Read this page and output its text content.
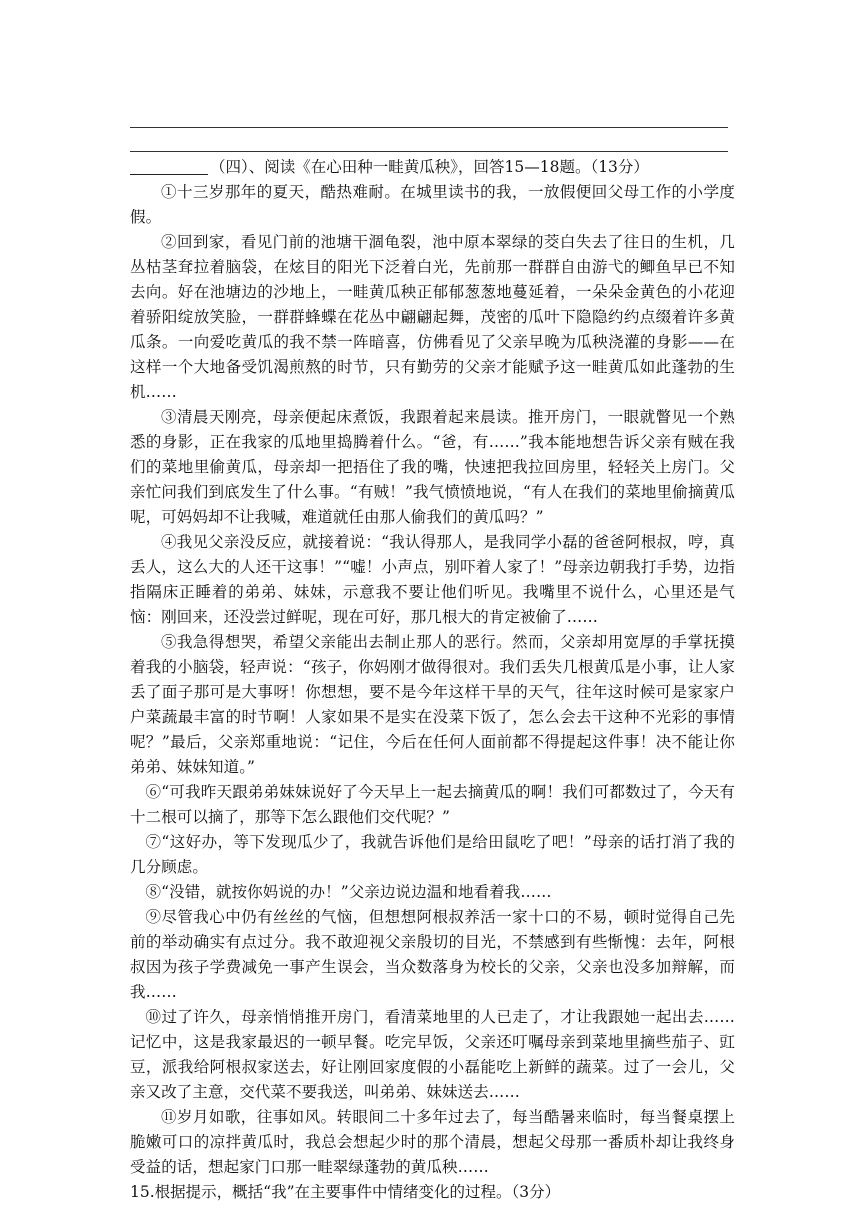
（四）、阅读《在心田种一畦黄瓜秧》，回答15—18题。（13分）

①十三岁那年的夏天，酷热难耐。在城里读书的我，一放假便回父母工作的小学度假。

②回到家，看见门前的池塘干涸龟裂，池中原本翠绿的茭白失去了往日的生机，几丛枯茎耷拉着脑袋，在炫目的阳光下泛着白光，先前那一群群自由游弋的鲫鱼早已不知去向。好在池塘边的沙地上，一畦黄瓜秧正郁郁葱葱地蔓延着，一朵朵金黄色的小花迎着骄阳绽放笑脸，一群群蜂蝶在花丛中翩翩起舞，茂密的瓜叶下隐隐约约点缀着许多黄瓜条。一向爱吃黄瓜的我不禁一阵暗喜，仿佛看见了父亲早晚为瓜秧浇灌的身影——在这样一个大地备受饥渴煎熬的时节，只有勤劳的父亲才能赋予这一畦黄瓜如此蓬勃的生机……

③清晨天刚亮，母亲便起床煮饭，我跟着起来晨读。推开房门，一眼就瞥见一个熟悉的身影，正在我家的瓜地里捣腾着什么。“爸，有……”我本能地想告诉父亲有贼在我们的菜地里偷黄瓜，母亲却一把捂住了我的嘴，快速把我拉回房里，轻轻关上房门。父亲忙问我们到底发生了什么事。“有贼！”我气愤愤地说，“有人在我们的菜地里偷摘黄瓜呢，可妈妈却不让我喊，难道就任由那人偷我们的黄瓜吗？”

④我见父亲没反应，就接着说：“我认得那人，是我同学小磊的爸爸阿根叔，哼，真丢人，这么大的人还干这事！”“嘘！小声点，别吓着人家了！”母亲边朝我打手势，边指指隔床正睡着的弟弟、妹妹，示意我不要让他们听见。我嘴里不说什么，心里还是气恼：刚回来，还没尝过鲜呢，现在可好，那几根大的肯定被偷了……

⑤我急得想哭，希望父亲能出去制止那人的恶行。然而，父亲却用宽厚的手掌抚摸着我的小脑袋，轻声说：“孩子，你妈刚才做得很对。我们丢失几根黄瓜是小事，让人家丢了面子那可是大事呀！你想想，要不是今年这样干旱的天气，往年这时候可是家家户户菜蔬最丰富的时节啊！人家如果不是实在没菜下饭了，怎么会去干这种不光彩的事情呢？”最后，父亲郑重地说：“记住，今后在任何人面前都不得提起这件事！决不能让你弟弟、妹妹知道。”

⑥“可我昨天跟弟弟妹妹说好了今天早上一起去摘黄瓜的啊！我们可都数过了，今天有十二根可以摘了，那等下怎么跟他们交代呢？”

⑦“这好办，等下发现瓜少了，我就告诉他们是给田鼠吃了吧！”母亲的话打消了我的几分顾虑。

⑧“没错，就按你妈说的办！”父亲边说边温和地看着我……

⑨尽管我心中仍有丝丝的气恼，但想想阿根叔养活一家十口的不易，顿时觉得自己先前的举动确实有点过分。我不敢迎视父亲殷切的目光，不禁感到有些惭愧：去年，阿根叔因为孩子学费减免一事产生误会，当众数落身为校长的父亲，父亲也没多加辩解，而我……

⑩过了许久，母亲悄悄推开房门，看清菜地里的人已走了，才让我跟她一起出去……记忆中，这是我家最迟的一顿早餐。吃完早饭，父亲还叮嘱母亲到菜地里摘些茄子、豇豆，派我给阿根叔家送去，好让刚回家度假的小磊能吃上新鲜的蔬菜。过了一会儿，父亲又改了主意，交代菜不要我送，叫弟弟、妹妹送去……

⑪岁月如歌，往事如风。转眼间二十多年过去了，每当酷暑来临时，每当餐桌摆上脆嫩可口的凉拌黄瓜时，我总会想起少时的那个清晨，想起父母那一番质朴却让我终身受益的话，想起家门口那一畦翠绿蓬勃的黄瓜秧……

15.根据提示，概括“我”在主要事件中情绪变化的过程。（3分）
